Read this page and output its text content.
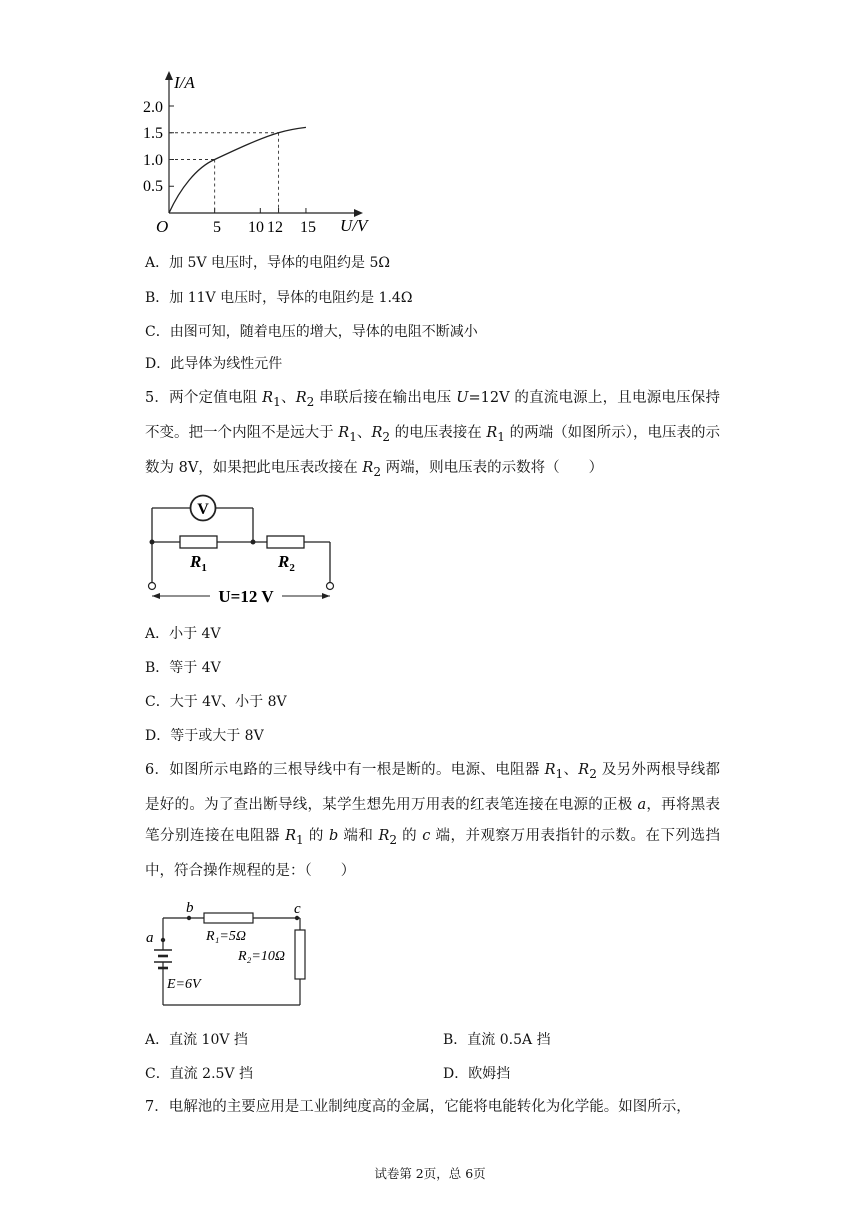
I/A
U/V
O
2.0
1.5
1.0
0.5
5 10 12 15
A．加 5V 电压时，导体的电阻约是 5Ω
B．加 11V 电压时，导体的电阻约是 1.4Ω
C．由图可知，随着电压的增大，导体的电阻不断减小
D．此导体为线性元件
5．两个定值电阻 $R_1$、$R_2$ 串联后接在输出电压 U=12V 的直流电源上，且电源电压保持不变。把一个内阻不是远大于 $R_1$、$R_2$ 的电压表接在 $R_1$ 的两端（如图所示），电压表的示数为 8V，如果把此电压表改接在 $R_2$ 两端，则电压表的示数将（　　）
V
$R_1$	$R_2$
U=12 V
A．小于 4V
B．等于 4V
C．大于 4V、小于 8V
D．等于或大于 8V
6．如图所示电路的三根导线中有一根是断的。电源、电阻器 $R_1$、$R_2$ 及另外两根导线都是好的。为了查出断导线，某学生想先用万用表的红表笔连接在电源的正极 a，再将黑表笔分别连接在电阻器 $R_1$ 的 b 端和 $R_2$ 的 c 端，并观察万用表指针的示数。在下列选挡中，符合操作规程的是：（　　）
a
b	c
R₁=5Ω
R₂=10Ω
E=6V
A．直流 10V 挡	B．直流 0.5A 挡
C．直流 2.5V 挡	D．欧姆挡
7．电解池的主要应用是工业制纯度高的金属，它能将电能转化为化学能。如图所示，
试卷第 2页，总 6页
